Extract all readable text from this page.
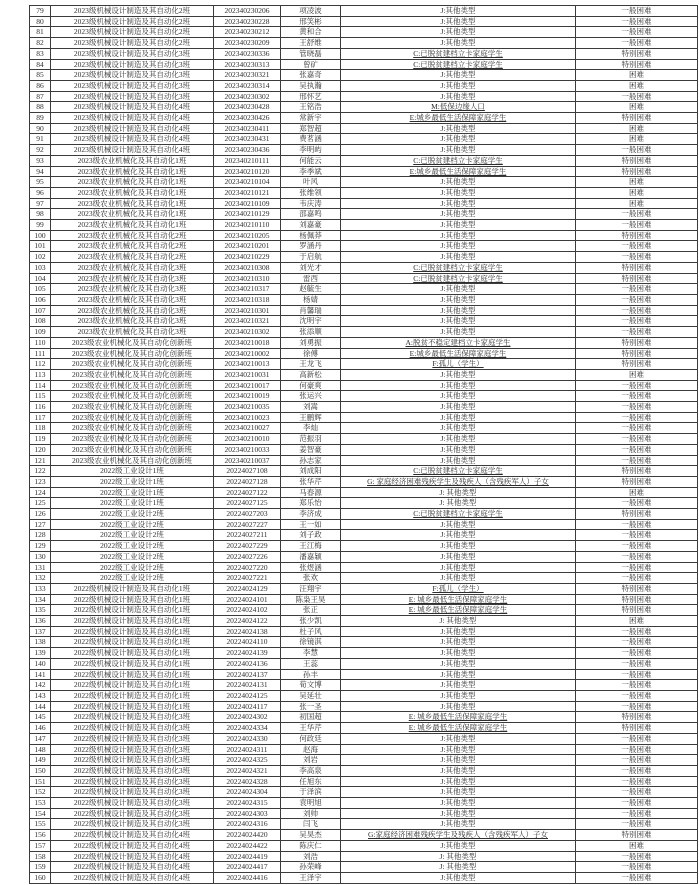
79	2023级机械设计制造及其自动化2班	202340230206	项凌波	J:其他类型	一般困难
80	2023级机械设计制造及其自动化2班	202340230228	邢笑彬	J:其他类型	一般困难
81	2023级机械设计制造及其自动化2班	202340230212	黄和合	J:其他类型	一般困难
82	2023级机械设计制造及其自动化2班	202340230209	王舒维	J:其他类型	一般困难
83	2023级机械设计制造及其自动化3班	202340230336	管晓磊	C:已脱贫建档立卡家庭学生	特别困难
84	2023级机械设计制造及其自动化3班	202340230313	曾矿	C:已脱贫建档立卡家庭学生	特别困难
85	2023级机械设计制造及其自动化3班	202340230321	张嘉奇	J:其他类型	困难
86	2023级机械设计制造及其自动化3班	202340230314	吴执瀚	J:其他类型	困难
87	2023级机械设计制造及其自动化3班	202340230302	邢怀艺	J:其他类型	一般困难
88	2023级机械设计制造及其自动化4班	202340230428	王铭浩	M:低保边缘人口	困难
89	2023级机械设计制造及其自动化4班	202340230426	常新宇	E:城乡最低生活保障家庭学生	特别困难
90	2023级机械设计制造及其自动化4班	202340230411	郑智超	J:其他类型	困难
91	2023级机械设计制造及其自动化4班	202340230431	费茗涵	J:其他类型	困难
92	2023级机械设计制造及其自动化4班	202340230436	李明屿	J:其他类型	一般困难
93	2023级农业机械化及其自动化1班	202340210111	何能云	C:已脱贫建档立卡家庭学生	特别困难
94	2023级农业机械化及其自动化1班	202340210120	李季斌	E:城乡最低生活保障家庭学生	特别困难
95	2023级农业机械化及其自动化1班	202340210104	叶风	J:其他类型	困难
96	2023级农业机械化及其自动化1班	202340210121	张维领	J:其他类型	困难
97	2023级农业机械化及其自动化1班	202340210109	韦庆涛	J:其他类型	困难
98	2023级农业机械化及其自动化1班	202340210129	邵嘉鸣	J:其他类型	一般困难
99	2023级农业机械化及其自动化1班	202340210110	刘嘉豪	J:其他类型	一般困难
100	2023级农业机械化及其自动化2班	202340210205	杨佩莽	J:其他类型	特别困难
101	2023级农业机械化及其自动化2班	202340210201	罗涵丹	J:其他类型	一般困难
102	2023级农业机械化及其自动化2班	202340210229	于启航	J:其他类型	一般困难
103	2023级农业机械化及其自动化3班	202340210308	刘光才	C:已脱贫建档立卡家庭学生	特别困难
104	2023级农业机械化及其自动化3班	202340210310	雷西	C:已脱贫建档立卡家庭学生	特别困难
105	2023级农业机械化及其自动化3班	202340210317	赵毓生	J:其他类型	一般困难
106	2023级农业机械化及其自动化3班	202340210318	杨婧	J:其他类型	一般困难
107	2023级农业机械化及其自动化3班	202340210301	肖馨瑞	J:其他类型	一般困难
108	2023级农业机械化及其自动化3班	202340210321	沈明宇	J:其他类型	一般困难
109	2023级农业机械化及其自动化3班	202340210302	张添顺	J:其他类型	一般困难
110	2023级农业机械化及其自动化创新班	202340210018	刘勇振	A:脱贫不稳定建档立卡家庭学生	特别困难
111	2023级农业机械化及其自动化创新班	202340210002	徐傅	E:城乡最低生活保障家庭学生	特别困难
112	2023级农业机械化及其自动化创新班	202340210013	王龙飞	F:孤儿（学生）	特别困难
113	2023级农业机械化及其自动化创新班	202340210031	高新松	J:其他类型	困难
114	2023级农业机械化及其自动化创新班	202340210017	何豪爽	J:其他类型	一般困难
115	2023级农业机械化及其自动化创新班	202340210019	张运兴	J:其他类型	一般困难
116	2023级农业机械化及其自动化创新班	202340210035	刘嵩	J:其他类型	一般困难
117	2023级农业机械化及其自动化创新班	202340210023	王鹏辉	J:其他类型	一般困难
118	2023级农业机械化及其自动化创新班	202340210027	李灿	J:其他类型	一般困难
119	2023级农业机械化及其自动化创新班	202340210010	范振羽	J:其他类型	一般困难
120	2023级农业机械化及其自动化创新班	202340210033	姜智豪	J:其他类型	一般困难
121	2023级农业机械化及其自动化创新班	202340210037	孙志家	J:其他类型	一般困难
122	2022级工业设计1班	20224027108	刘成阳	C:已脱贫建档立卡家庭学生	特别困难
123	2022级工业设计1班	20224027128	张华芹	G: 家庭经济困难残疾学生及残疾人（含残疾军人）子女	特别困难
124	2022级工业设计1班	20224027122	马春源	J: 其他类型	困难
125	2022级工业设计1班	20224027125	郑乐怡	J: 其他类型	一般困难
126	2022级工业设计2班	20224027203	李济成	C:已脱贫建档立卡家庭学生	特别困难
127	2022级工业设计2班	20224027227	王一如	J:其他类型	一般困难
128	2022级工业设计2班	20224027211	刘子政	J:其他类型	一般困难
129	2022级工业设计2班	20224027229	王江梅	J:其他类型	一般困难
130	2022级工业设计2班	20224027226	潘嘉颖	J:其他类型	一般困难
131	2022级工业设计2班	20224027220	张煜涵	J:其他类型	一般困难
132	2022级工业设计2班	20224027221	张欢	J:其他类型	一般困难
133	2022级机械设计制造及其自动化1班	20224024129	汪翔宇	F:孤儿（学生）	特别困难
134	2022级机械设计制造及其自动化1班	20224024101	陈枭王昊	E: 城乡最低生活保障家庭学生	特别困难
135	2022级机械设计制造及其自动化1班	20224024102	张正	E: 城乡最低生活保障家庭学生	特别困难
136	2022级机械设计制造及其自动化1班	20224024122	张少凯	J: 其他类型	困难
137	2022级机械设计制造及其自动化1班	20224024138	杜子风	J:其他类型	一般困难
138	2022级机械设计制造及其自动化1班	20224024110	徐镜淇	J:其他类型	一般困难
139	2022级机械设计制造及其自动化1班	20224024139	李慧	J:其他类型	一般困难
140	2022级机械设计制造及其自动化1班	20224024136	王蕊	J:其他类型	一般困难
141	2022级机械设计制造及其自动化1班	20224024137	孙丰	J:其他类型	一般困难
142	2022级机械设计制造及其自动化1班	20224024131	荀文博	J:其他类型	一般困难
143	2022级机械设计制造及其自动化1班	20224024125	吴延壮	J:其他类型	一般困难
144	2022级机械设计制造及其自动化1班	20224024117	张一圣	J:其他类型	一般困难
145	2022级机械设计制造及其自动化3班	20224024302	初国超	E: 城乡最低生活保障家庭学生	特别困难
146	2022级机械设计制造及其自动化3班	20224024334	王华芹	E: 城乡最低生活保障家庭学生	特别困难
147	2022级机械设计制造及其自动化3班	20224024330	何政廷	J:其他类型	一般困难
148	2022级机械设计制造及其自动化3班	20224024311	赵海	J:其他类型	一般困难
149	2022级机械设计制造及其自动化3班	20224024325	刘岩	J:其他类型	一般困难
150	2022级机械设计制造及其自动化3班	20224024321	李高泉	J:其他类型	一般困难
151	2022级机械设计制造及其自动化3班	20224024328	任旭东	J:其他类型	一般困难
152	2022级机械设计制造及其自动化3班	20224024304	于泽滨	J:其他类型	一般困难
153	2022级机械设计制造及其自动化3班	20224024315	袁明旭	J:其他类型	一般困难
154	2022级机械设计制造及其自动化3班	20224024303	刘帅	J:其他类型	一般困难
155	2022级机械设计制造及其自动化3班	20224024316	闫飞	J:其他类型	一般困难
156	2022级机械设计制造及其自动化4班	20224024420	吴昊杰	G:家庭经济困难残疾学生及残疾人（含残疾军人）子女	特别困难
157	2022级机械设计制造及其自动化4班	20224024422	陈庆仁	J:其他类型	困难
158	2022级机械设计制造及其自动化4班	20224024419	刘浩	J: 其他类型	一般困难
159	2022级机械设计制造及其自动化4班	20224024417	孙荣峰	J: 其他类型	一般困难
160	2022级机械设计制造及其自动化4班	20224024416	王泽宇	J:其他类型	一般困难
